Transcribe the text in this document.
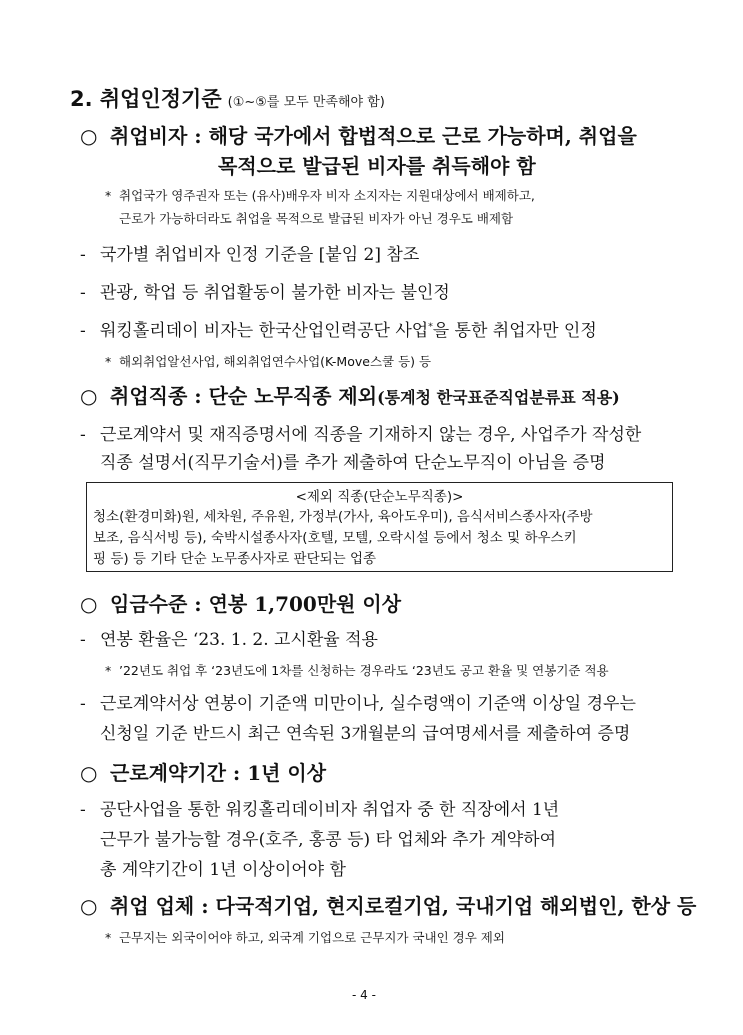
2. 취업인정기준 (①~⑤를 모두 만족해야 함)
○ 취업비자 : 해당 국가에서 합법적으로 근로 가능하며, 취업을
목적으로 발급된 비자를 취득해야 함
* 취업국가 영주권자 또는 (유사)배우자 비자 소지자는 지원대상에서 배제하고,
근로가 가능하더라도 취업을 목적으로 발급된 비자가 아닌 경우도 배제함
- 국가별 취업비자 인정 기준을 [붙임 2] 참조
- 관광, 학업 등 취업활동이 불가한 비자는 불인정
- 워킹홀리데이 비자는 한국산업인력공단 사업*을 통한 취업자만 인정
* 해외취업알선사업, 해외취업연수사업(K-Move스쿨 등) 등
○ 취업직종 : 단순 노무직종 제외(통계청 한국표준직업분류표 적용)
- 근로계약서 및 재직증명서에 직종을 기재하지 않는 경우, 사업주가 작성한
직종 설명서(직무기술서)를 추가 제출하여 단순노무직이 아님을 증명
<제외 직종(단순노무직종)>
청소(환경미화)원, 세차원, 주유원, 가정부(가사, 육아도우미), 음식서비스종사자(주방
보조, 음식서빙 등), 숙박시설종사자(호텔, 모텔, 오락시설 등에서 청소 및 하우스키
핑 등) 등 기타 단순 노무종사자로 판단되는 업종
○ 임금수준 : 연봉 1,700만원 이상
- 연봉 환율은 ‘23. 1. 2. 고시환율 적용
* ’22년도 취업 후 ‘23년도에 1차를 신청하는 경우라도 ‘23년도 공고 환율 및 연봉기준 적용
- 근로계약서상 연봉이 기준액 미만이나, 실수령액이 기준액 이상일 경우는
신청일 기준 반드시 최근 연속된 3개월분의 급여명세서를 제출하여 증명
○ 근로계약기간 : 1년 이상
- 공단사업을 통한 워킹홀리데이비자 취업자 중 한 직장에서 1년
근무가 불가능할 경우(호주, 홍콩 등) 타 업체와 추가 계약하여
총 계약기간이 1년 이상이어야 함
○ 취업 업체 : 다국적기업, 현지로컬기업, 국내기업 해외법인, 한상 등
* 근무지는 외국이어야 하고, 외국계 기업으로 근무지가 국내인 경우 제외
- 4 -
